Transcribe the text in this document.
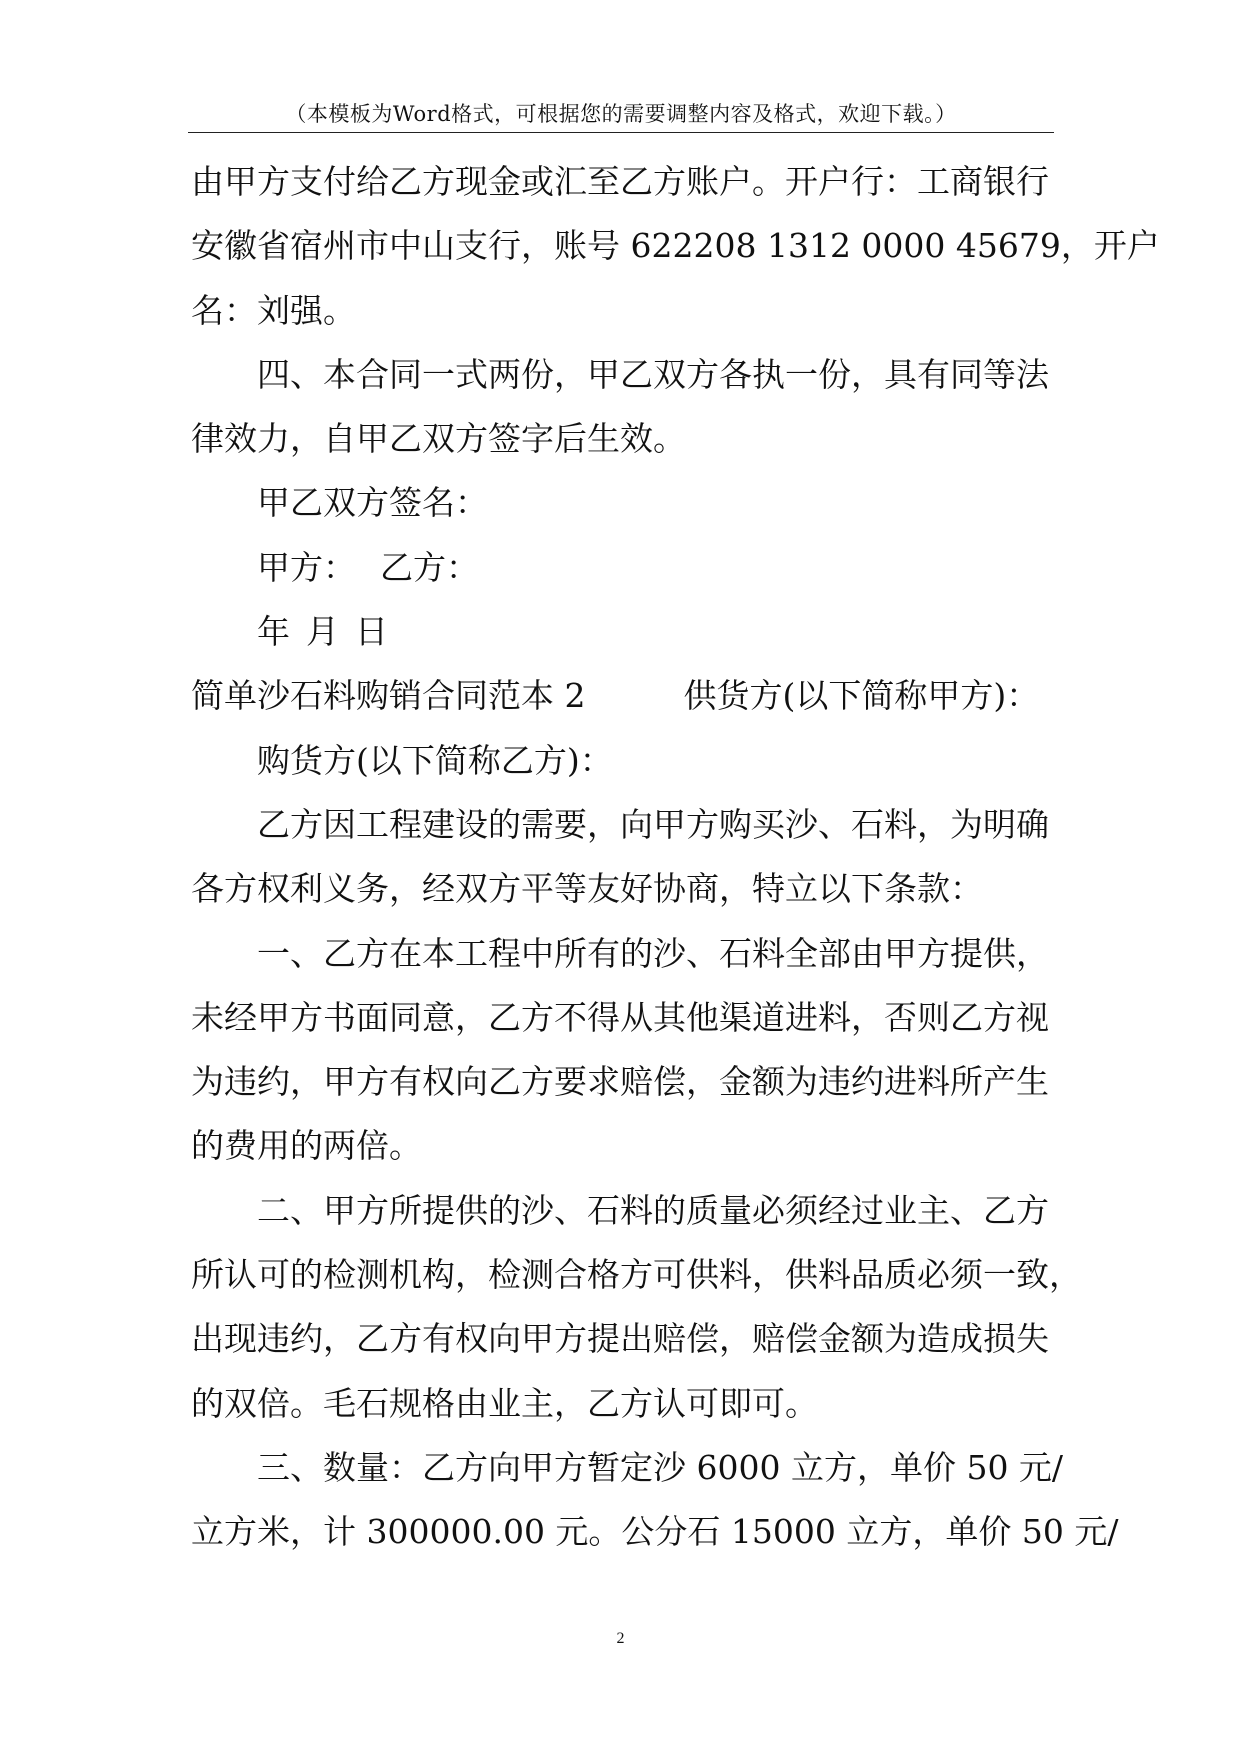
（本模板为Word格式，可根据您的需要调整内容及格式，欢迎下载。）
由甲方支付给乙方现金或汇至乙方账户。开户行：工商银行
安徽省宿州市中山支行，账号 622208 1312 0000 45679，开户
名：刘强。
四、本合同一式两份，甲乙双方各执一份，具有同等法
律效力，自甲乙双方签字后生效。
甲乙双方签名：
甲方： 乙方：
年 月 日
简单沙石料购销合同范本 2	供货方(以下简称甲方)：
购货方(以下简称乙方)：
乙方因工程建设的需要，向甲方购买沙、石料，为明确
各方权利义务，经双方平等友好协商，特立以下条款：
一、乙方在本工程中所有的沙、石料全部由甲方提供，
未经甲方书面同意，乙方不得从其他渠道进料，否则乙方视
为违约，甲方有权向乙方要求赔偿，金额为违约进料所产生
的费用的两倍。
二、甲方所提供的沙、石料的质量必须经过业主、乙方
所认可的检测机构，检测合格方可供料，供料品质必须一致，
出现违约，乙方有权向甲方提出赔偿，赔偿金额为造成损失
的双倍。毛石规格由业主，乙方认可即可。
三、数量：乙方向甲方暂定沙 6000 立方，单价 50 元/
立方米，计 300000.00 元。公分石 15000 立方，单价 50 元/
2
